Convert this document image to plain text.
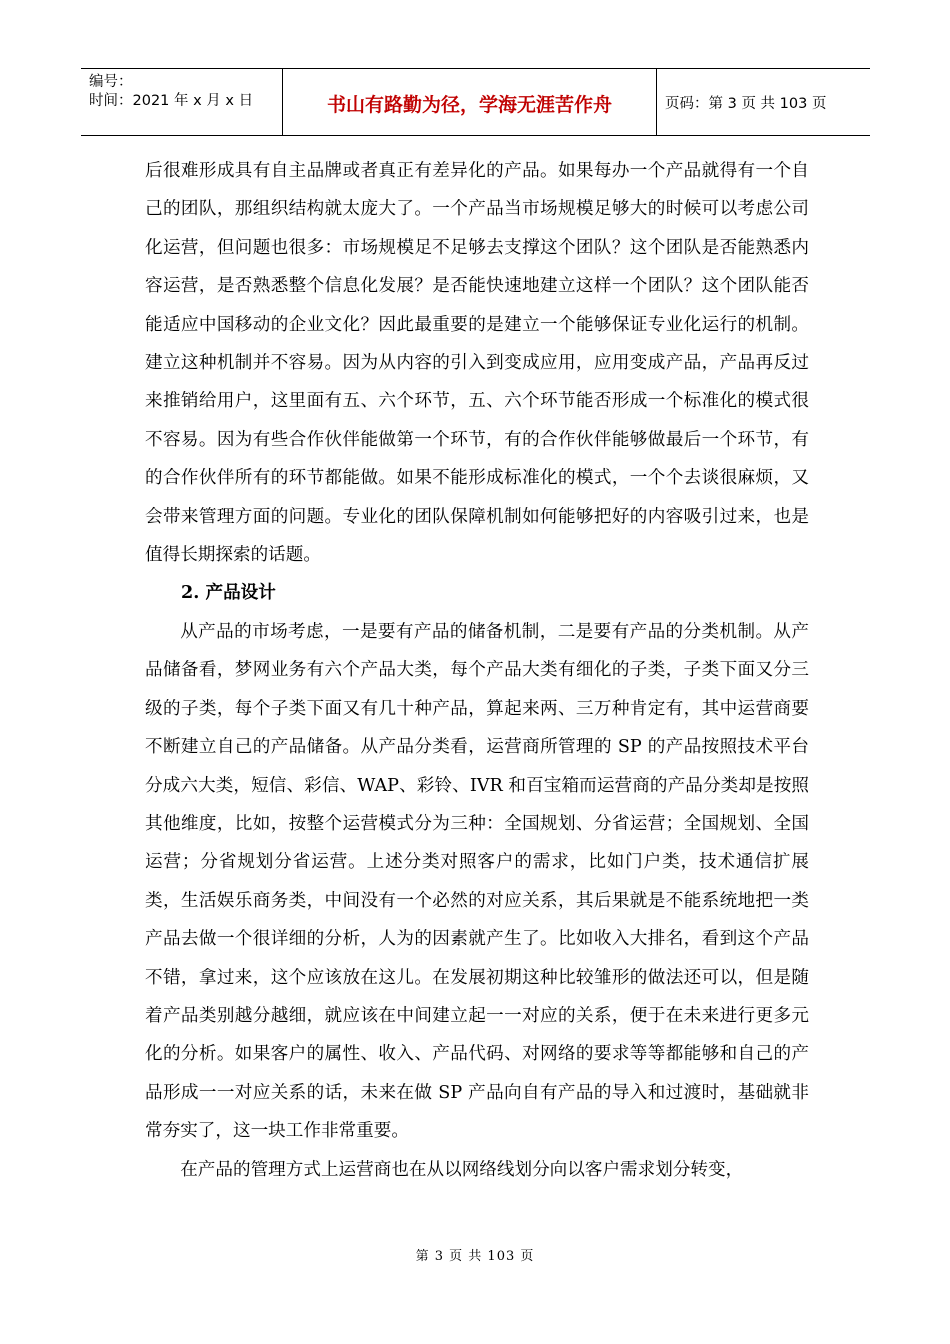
编号：
时间：2021 年 x 月 x 日	书山有路勤为径，学海无涯苦作舟	页码：第 3 页 共 103 页

后很难形成具有自主品牌或者真正有差异化的产品。如果每办一个产品就得有一个自己的团队，那组织结构就太庞大了。一个产品当市场规模足够大的时候可以考虑公司化运营，但问题也很多：市场规模足不足够去支撑这个团队？这个团队是否能熟悉内容运营，是否熟悉整个信息化发展？是否能快速地建立这样一个团队？这个团队能否能适应中国移动的企业文化？因此最重要的是建立一个能够保证专业化运行的机制。建立这种机制并不容易。因为从内容的引入到变成应用，应用变成产品，产品再反过来推销给用户，这里面有五、六个环节，五、六个环节能否形成一个标准化的模式很不容易。因为有些合作伙伴能做第一个环节，有的合作伙伴能够做最后一个环节，有的合作伙伴所有的环节都能做。如果不能形成标准化的模式，一个个去谈很麻烦，又会带来管理方面的问题。专业化的团队保障机制如何能够把好的内容吸引过来，也是值得长期探索的话题。

2. 产品设计

从产品的市场考虑，一是要有产品的储备机制，二是要有产品的分类机制。从产品储备看，梦网业务有六个产品大类，每个产品大类有细化的子类，子类下面又分三级的子类，每个子类下面又有几十种产品，算起来两、三万种肯定有，其中运营商要不断建立自己的产品储备。从产品分类看，运营商所管理的 SP 的产品按照技术平台分成六大类，短信、彩信、WAP、彩铃、IVR 和百宝箱而运营商的产品分类却是按照其他维度，比如，按整个运营模式分为三种：全国规划、分省运营；全国规划、全国运营；分省规划分省运营。上述分类对照客户的需求，比如门户类，技术通信扩展类，生活娱乐商务类，中间没有一个必然的对应关系，其后果就是不能系统地把一类产品去做一个很详细的分析，人为的因素就产生了。比如收入大排名，看到这个产品不错，拿过来，这个应该放在这儿。在发展初期这种比较雏形的做法还可以，但是随着产品类别越分越细，就应该在中间建立起一一对应的关系，便于在未来进行更多元化的分析。如果客户的属性、收入、产品代码、对网络的要求等等都能够和自己的产品形成一一对应关系的话，未来在做 SP 产品向自有产品的导入和过渡时，基础就非常夯实了，这一块工作非常重要。

在产品的管理方式上运营商也在从以网络线划分向以客户需求划分转变，

第 3 页 共 103 页
